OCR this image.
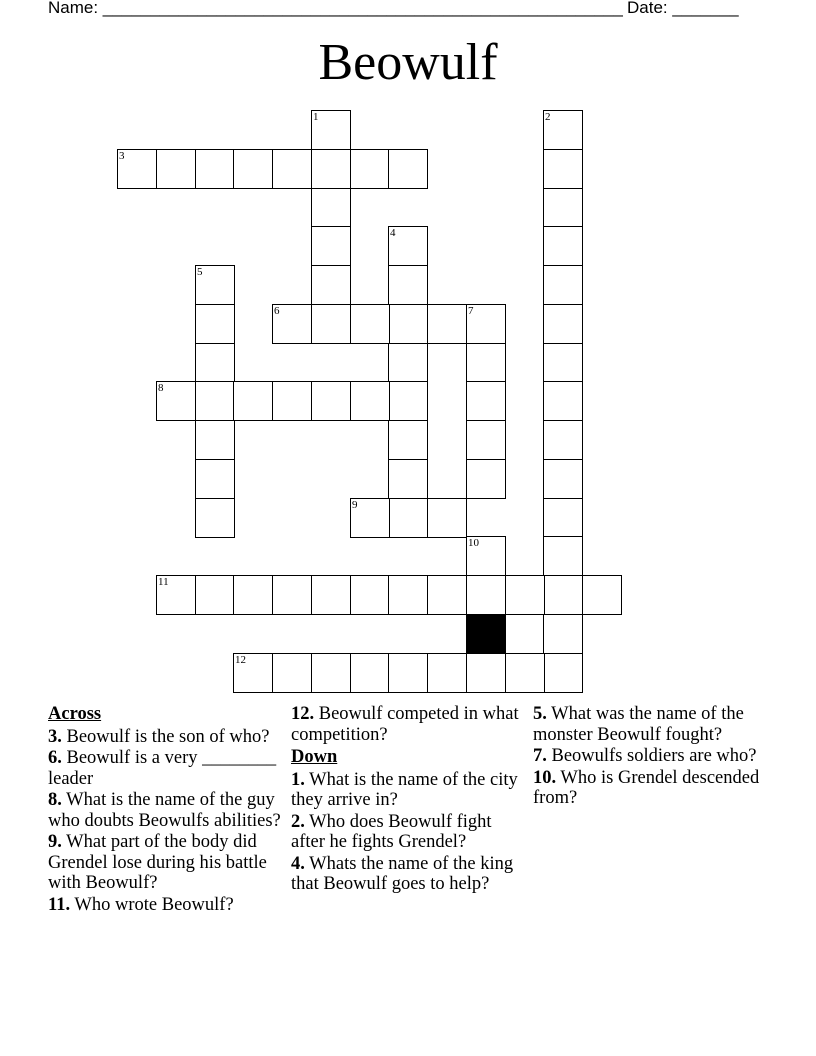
Name: _______________________________________________________ Date: _______
Beowulf
1	2
3
4
5
6	7
8
9
10
11
12
Across
3. Beowulf is the son of who?
6. Beowulf is a very ________ leader
8. What is the name of the guy who doubts Beowulfs abilities?
9. What part of the body did Grendel lose during his battle with Beowulf?
11. Who wrote Beowulf?
12. Beowulf competed in what competition?
Down
1. What is the name of the city they arrive in?
2. Who does Beowulf fight after he fights Grendel?
4. Whats the name of the king that Beowulf goes to help?
5. What was the name of the monster Beowulf fought?
7. Beowulfs soldiers are who?
10. Who is Grendel descended from?
